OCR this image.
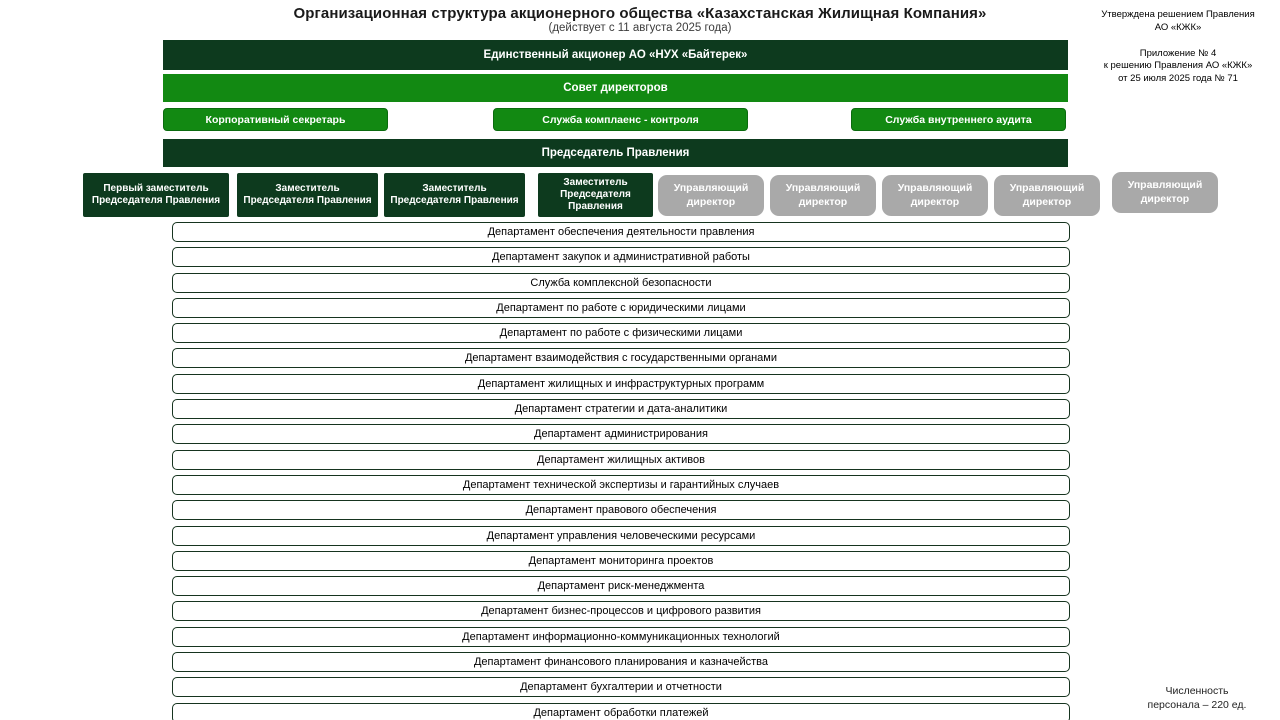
Организационная структура акционерного общества «Казахстанская Жилищная Компания»
(действует с 11 августа 2025 года)
Утверждена решением Правления
АО «КЖК»
Приложение № 4
к решению Правления АО «КЖК»
от 25 июля 2025 года № 71
Единственный акционер АО «НУХ «Байтерек»
Совет директоров
Корпоративный секретарь	Служба комплаенс - контроля	Служба внутреннего аудита
Председатель Правления
Первый заместитель Председателя Правления
Заместитель Председателя Правления
Заместитель Председателя Правления
Заместитель Председателя Правления
Управляющий директор
Управляющий директор
Управляющий директор
Управляющий директор
Управляющий директор
Департамент обеспечения деятельности правления
Департамент закупок и административной работы
Служба комплексной безопасности
Департамент по работе с юридическими лицами
Департамент по работе с физическими лицами
Департамент взаимодействия с государственными органами
Департамент жилищных и инфраструктурных программ
Департамент стратегии и дата-аналитики
Департамент администрирования
Департамент жилищных активов
Департамент технической экспертизы и гарантийных случаев
Департамент правового обеспечения
Департамент управления человеческими ресурсами
Департамент мониторинга проектов
Департамент риск-менеджмента
Департамент бизнес-процессов и цифрового развития
Департамент информационно-коммуникационных технологий
Департамент финансового планирования и казначейства
Департамент бухгалтерии и отчетности
Департамент обработки платежей
Численность
персонала – 220 ед.
